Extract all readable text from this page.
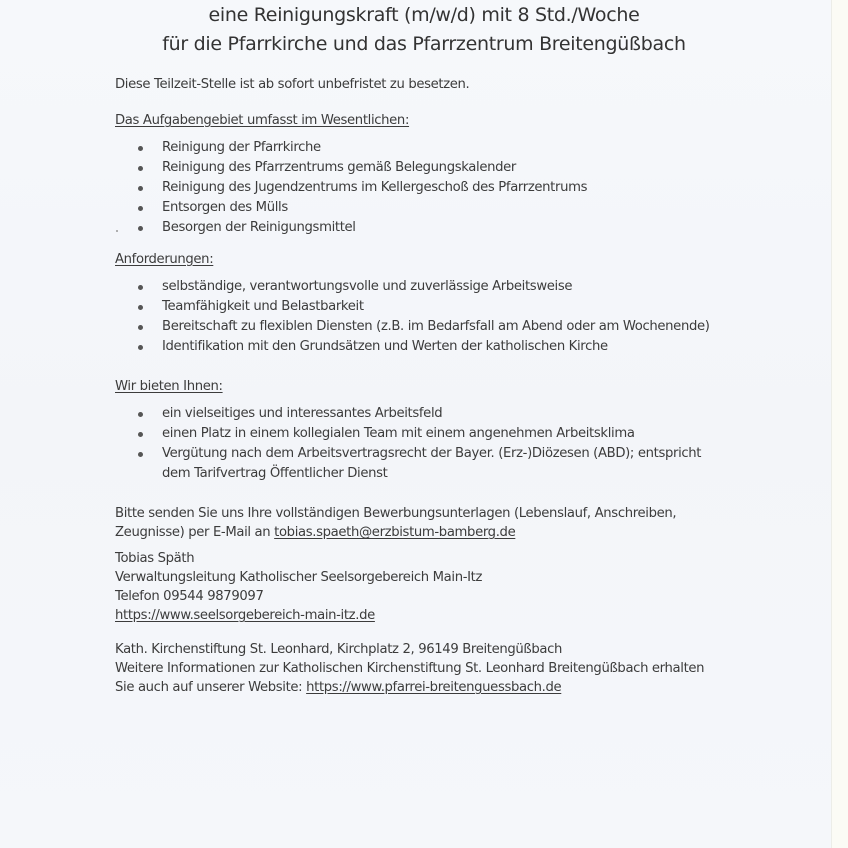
eine Reinigungskraft (m/w/d) mit 8 Std./Woche
für die Pfarrkirche und das Pfarrzentrum Breitengüßbach
Diese Teilzeit-Stelle ist ab sofort unbefristet zu besetzen.
Das Aufgabengebiet umfasst im Wesentlichen:
Reinigung der Pfarrkirche
Reinigung des Pfarrzentrums gemäß Belegungskalender
Reinigung des Jugendzentrums im Kellergeschoß des Pfarrzentrums
Entsorgen des Mülls
Besorgen der Reinigungsmittel
Anforderungen:
selbständige, verantwortungsvolle und zuverlässige Arbeitsweise
Teamfähigkeit und Belastbarkeit
Bereitschaft zu flexiblen Diensten (z.B. im Bedarfsfall am Abend oder am Wochenende)
Identifikation mit den Grundsätzen und Werten der katholischen Kirche
Wir bieten Ihnen:
ein vielseitiges und interessantes Arbeitsfeld
einen Platz in einem kollegialen Team mit einem angenehmen Arbeitsklima
Vergütung nach dem Arbeitsvertragsrecht der Bayer. (Erz-)Diözesen (ABD); entspricht
dem Tarifvertrag Öffentlicher Dienst
Bitte senden Sie uns Ihre vollständigen Bewerbungsunterlagen (Lebenslauf, Anschreiben,
Zeugnisse) per E-Mail an tobias.spaeth@erzbistum-bamberg.de
Tobias Späth
Verwaltungsleitung Katholischer Seelsorgebereich Main-Itz
Telefon 09544 9879097
https://www.seelsorgebereich-main-itz.de
Kath. Kirchenstiftung St. Leonhard, Kirchplatz 2, 96149 Breitengüßbach
Weitere Informationen zur Katholischen Kirchenstiftung St. Leonhard Breitengüßbach erhalten
Sie auch auf unserer Website: https://www.pfarrei-breitenguessbach.de
